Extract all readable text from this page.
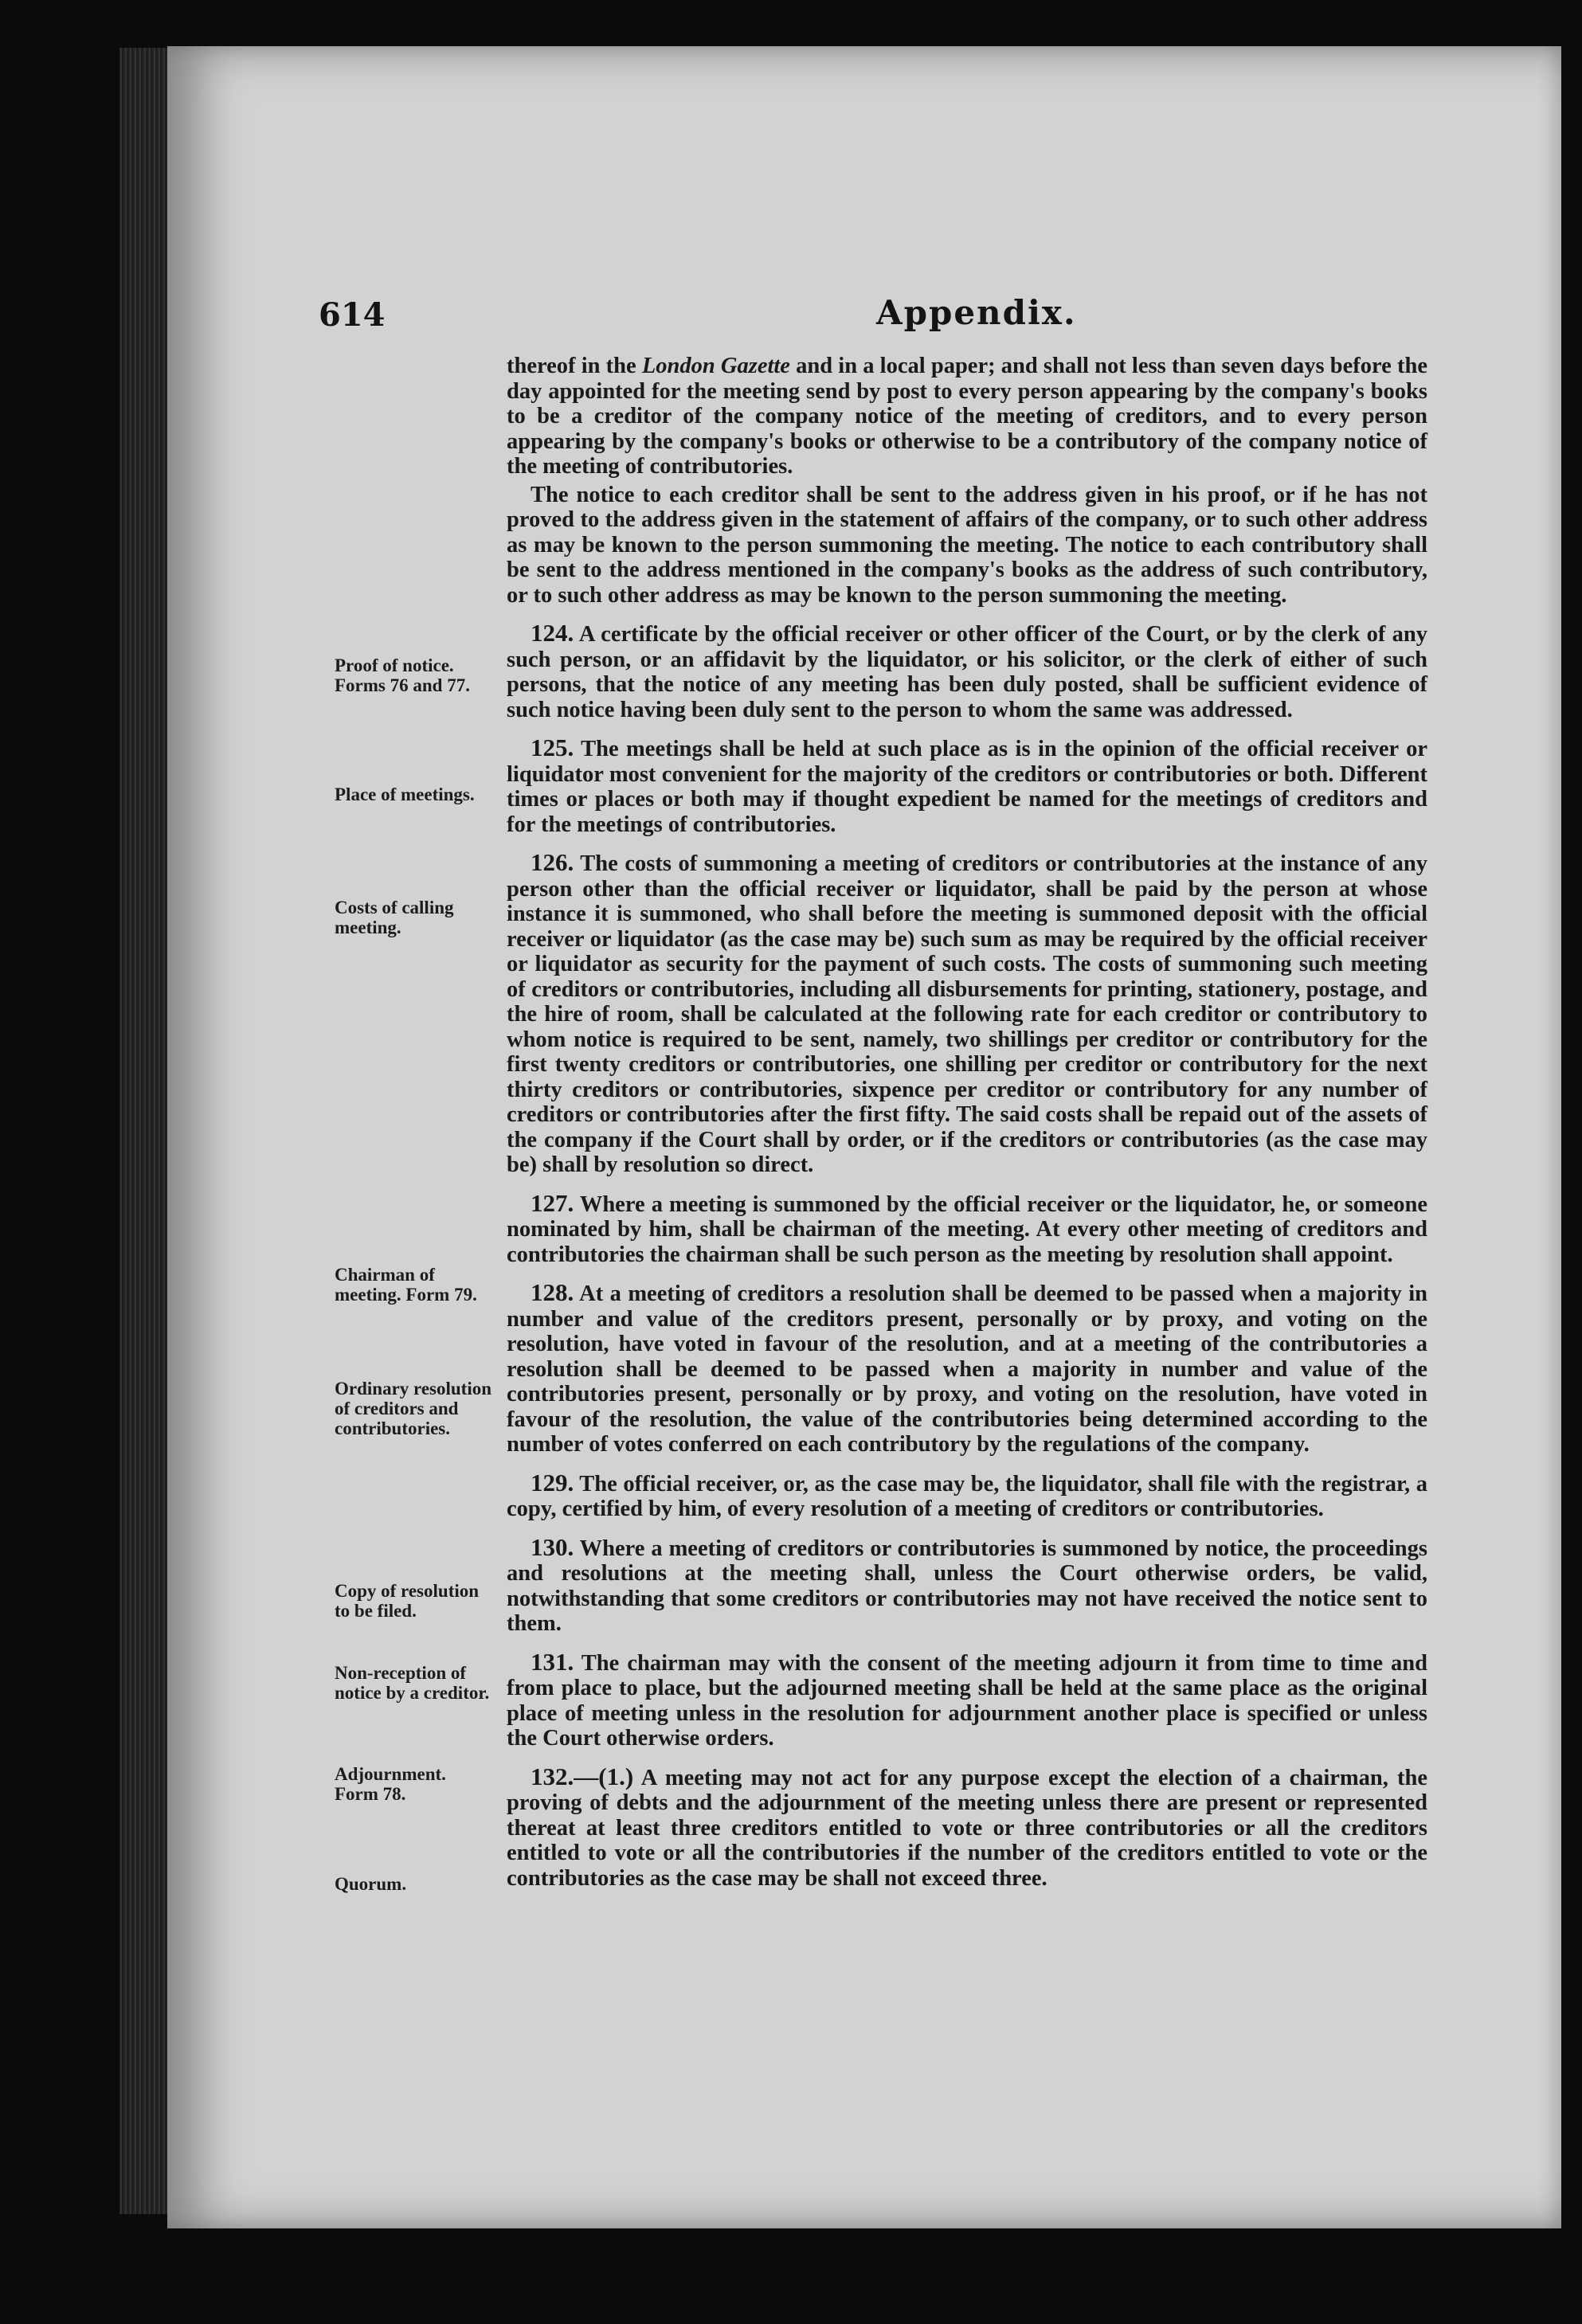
614	Appendix.
Proof of notice. Forms 76 and 77.
Place of meetings.
Costs of calling meeting.
Chairman of meeting. Form 79.
Ordinary resolution of creditors and contributories.
Copy of resolution to be filed.
Non-reception of notice by a creditor.
Adjournment. Form 78.
Quorum.

thereof in the London Gazette and in a local paper; and shall not less than seven days before the day appointed for the meeting send by post to every person appearing by the company's books to be a creditor of the company notice of the meeting of creditors, and to every person appearing by the company's books or otherwise to be a contributory of the company notice of the meeting of contributories.

The notice to each creditor shall be sent to the address given in his proof, or if he has not proved to the address given in the statement of affairs of the company, or to such other address as may be known to the person summoning the meeting. The notice to each contributory shall be sent to the address mentioned in the company's books as the address of such contributory, or to such other address as may be known to the person summoning the meeting.

124. A certificate by the official receiver or other officer of the Court, or by the clerk of any such person, or an affidavit by the liquidator, or his solicitor, or the clerk of either of such persons, that the notice of any meeting has been duly posted, shall be sufficient evidence of such notice having been duly sent to the person to whom the same was addressed.

125. The meetings shall be held at such place as is in the opinion of the official receiver or liquidator most convenient for the majority of the creditors or contributories or both. Different times or places or both may if thought expedient be named for the meetings of creditors and for the meetings of contributories.

126. The costs of summoning a meeting of creditors or contributories at the instance of any person other than the official receiver or liquidator, shall be paid by the person at whose instance it is summoned, who shall before the meeting is summoned deposit with the official receiver or liquidator (as the case may be) such sum as may be required by the official receiver or liquidator as security for the payment of such costs. The costs of summoning such meeting of creditors or contributories, including all disbursements for printing, stationery, postage, and the hire of room, shall be calculated at the following rate for each creditor or contributory to whom notice is required to be sent, namely, two shillings per creditor or contributory for the first twenty creditors or contributories, one shilling per creditor or contributory for the next thirty creditors or contributories, sixpence per creditor or contributory for any number of creditors or contributories after the first fifty. The said costs shall be repaid out of the assets of the company if the Court shall by order, or if the creditors or contributories (as the case may be) shall by resolution so direct.

127. Where a meeting is summoned by the official receiver or the liquidator, he, or someone nominated by him, shall be chairman of the meeting. At every other meeting of creditors and contributories the chairman shall be such person as the meeting by resolution shall appoint.

128. At a meeting of creditors a resolution shall be deemed to be passed when a majority in number and value of the creditors present, personally or by proxy, and voting on the resolution, have voted in favour of the resolution, and at a meeting of the contributories a resolution shall be deemed to be passed when a majority in number and value of the contributories present, personally or by proxy, and voting on the resolution, have voted in favour of the resolution, the value of the contributories being determined according to the number of votes conferred on each contributory by the regulations of the company.

129. The official receiver, or, as the case may be, the liquidator, shall file with the registrar, a copy, certified by him, of every resolution of a meeting of creditors or contributories.

130. Where a meeting of creditors or contributories is summoned by notice, the proceedings and resolutions at the meeting shall, unless the Court otherwise orders, be valid, notwithstanding that some creditors or contributories may not have received the notice sent to them.

131. The chairman may with the consent of the meeting adjourn it from time to time and from place to place, but the adjourned meeting shall be held at the same place as the original place of meeting unless in the resolution for adjournment another place is specified or unless the Court otherwise orders.

132.—(1.) A meeting may not act for any purpose except the election of a chairman, the proving of debts and the adjournment of the meeting unless there are present or represented thereat at least three creditors entitled to vote or three contributories or all the creditors entitled to vote or all the contributories if the number of the creditors entitled to vote or the contributories as the case may be shall not exceed three.
